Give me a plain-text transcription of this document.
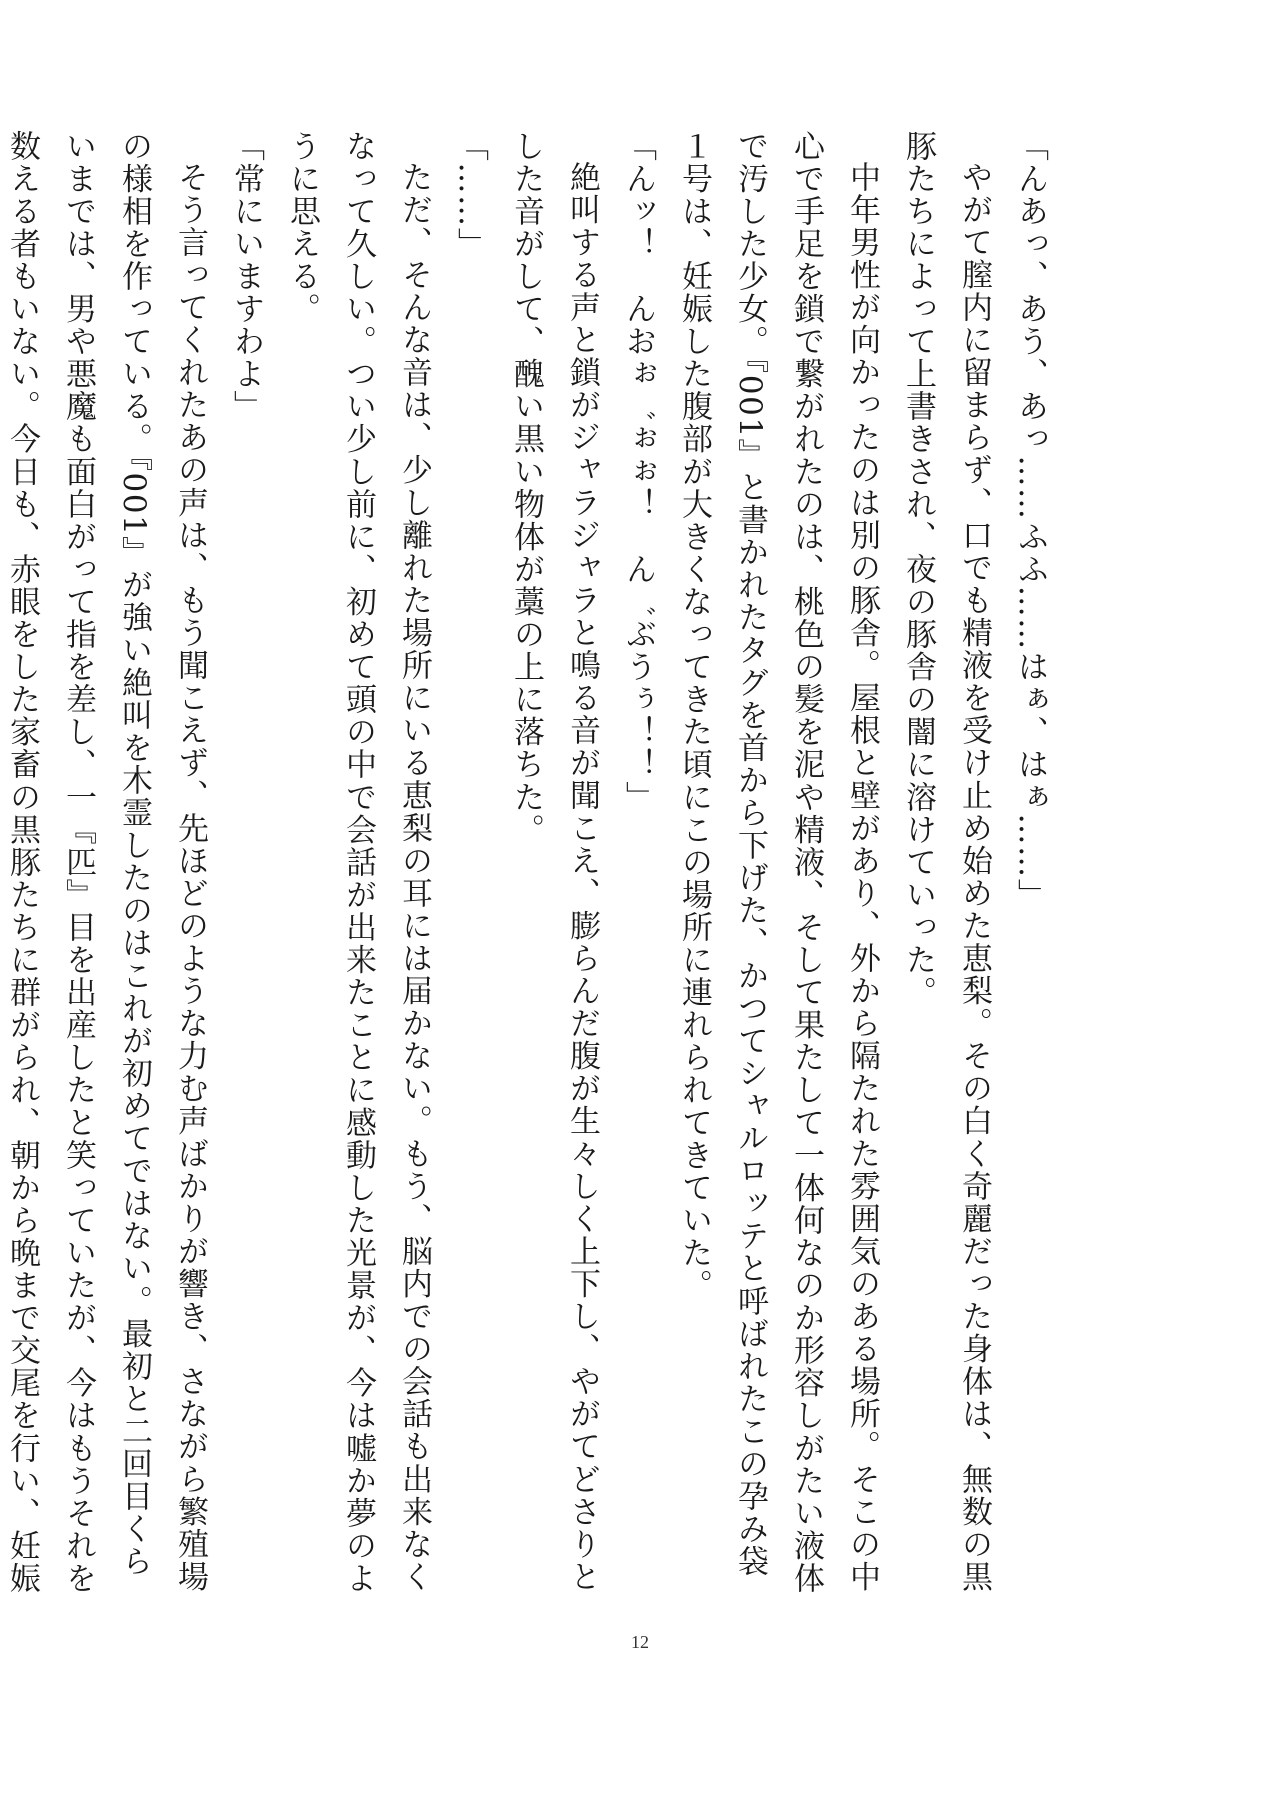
「んあっ、あう、あっ……ふふ……はぁ、はぁ……」

やがて膣内に留まらず、口でも精液を受け止め始めた恵梨。その白く奇麗だった身体は、無数の黒豚たちによって上書きされ、夜の豚舎の闇に溶けていった。

中年男性が向かったのは別の豚舎。屋根と壁があり、外から隔たれた雰囲気のある場所。そこの中心で手足を鎖で繋がれたのは、桃色の髪を泥や精液、そして果たして一体何なのか形容しがたい液体で汚した少女。『001』と書かれたタグを首から下げた、かつてシャルロッテと呼ばれたこの孕み袋１号は、妊娠した腹部が大きくなってきた頃にこの場所に連れられてきていた。

「んッ！　んおぉ゛ぉぉ！　ん゛ぶうぅ！！」

絶叫する声と鎖がジャラジャラと鳴る音が聞こえ、膨らんだ腹が生々しく上下し、やがてどさりとした音がして、醜い黒い物体が藁の上に落ちた。

「……」

ただ、そんな音は、少し離れた場所にいる恵梨の耳には届かない。もう、脳内での会話も出来なくなって久しい。つい少し前に、初めて頭の中で会話が出来たことに感動した光景が、今は嘘か夢のように思える。

「常にいますわよ」

そう言ってくれたあの声は、もう聞こえず、先ほどのような力む声ばかりが響き、さながら繁殖場の様相を作っている。『001』が強い絶叫を木霊したのはこれが初めてではない。最初と二回目くらいまでは、男や悪魔も面白がって指を差し、一『匹』目を出産したと笑っていたが、今はもうそれを数える者もいない。今日も、赤眼をした家畜の黒豚たちに群がられ、朝から晩まで交尾を行い、妊娠

12
